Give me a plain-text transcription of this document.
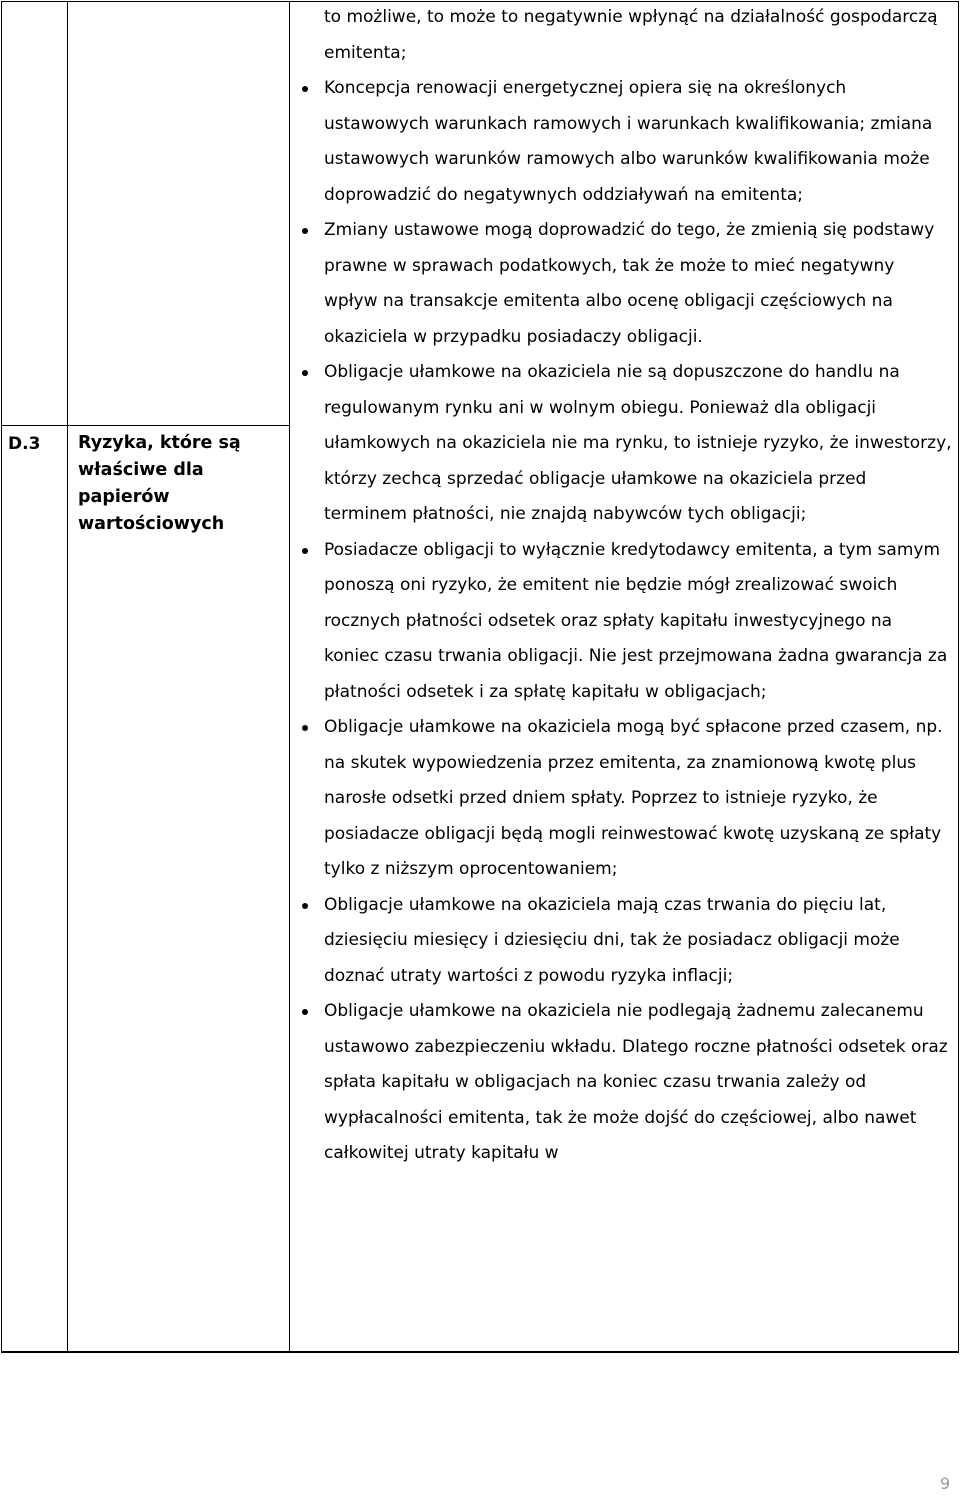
D.3	Ryzyka, które są właściwe dla papierów wartościowych

to możliwe, to może to negatywnie wpłynąć na działalność gospodarczą emitenta;

Koncepcja renowacji energetycznej opiera się na określonych ustawowych warunkach ramowych i warunkach kwalifikowania; zmiana ustawowych warunków ramowych albo warunków kwalifikowania może doprowadzić do negatywnych oddziaływań na emitenta;
Zmiany ustawowe mogą doprowadzić do tego, że zmienią się podstawy prawne w sprawach podatkowych, tak że może to mieć negatywny wpływ na transakcje emitenta albo ocenę obligacji częściowych na okaziciela w przypadku posiadaczy obligacji.
Obligacje ułamkowe na okaziciela nie są dopuszczone do handlu na regulowanym rynku ani w wolnym obiegu. Ponieważ dla obligacji ułamkowych na okaziciela nie ma rynku, to istnieje ryzyko, że inwestorzy, którzy zechcą sprzedać obligacje ułamkowe na okaziciela przed terminem płatności, nie znajdą nabywców tych obligacji;
Posiadacze obligacji to wyłącznie kredytodawcy emitenta, a tym samym ponoszą oni ryzyko, że emitent nie będzie mógł zrealizować swoich rocznych płatności odsetek oraz spłaty kapitału inwestycyjnego na koniec czasu trwania obligacji. Nie jest przejmowana żadna gwarancja za płatności odsetek i za spłatę kapitału w obligacjach;
Obligacje ułamkowe na okaziciela mogą być spłacone przed czasem, np. na skutek wypowiedzenia przez emitenta, za znamionową kwotę plus narosłe odsetki przed dniem spłaty. Poprzez to istnieje ryzyko, że posiadacze obligacji będą mogli reinwestować kwotę uzyskaną ze spłaty tylko z niższym oprocentowaniem;
Obligacje ułamkowe na okaziciela mają czas trwania do pięciu lat, dziesięciu miesięcy i dziesięciu dni, tak że posiadacz obligacji może doznać utraty wartości z powodu ryzyka inflacji;
Obligacje ułamkowe na okaziciela nie podlegają żadnemu zalecanemu ustawowo zabezpieczeniu wkładu. Dlatego roczne płatności odsetek oraz spłata kapitału w obligacjach na koniec czasu trwania zależy od wypłacalności emitenta, tak że może dojść do częściowej, albo nawet całkowitej utraty kapitału w
9
